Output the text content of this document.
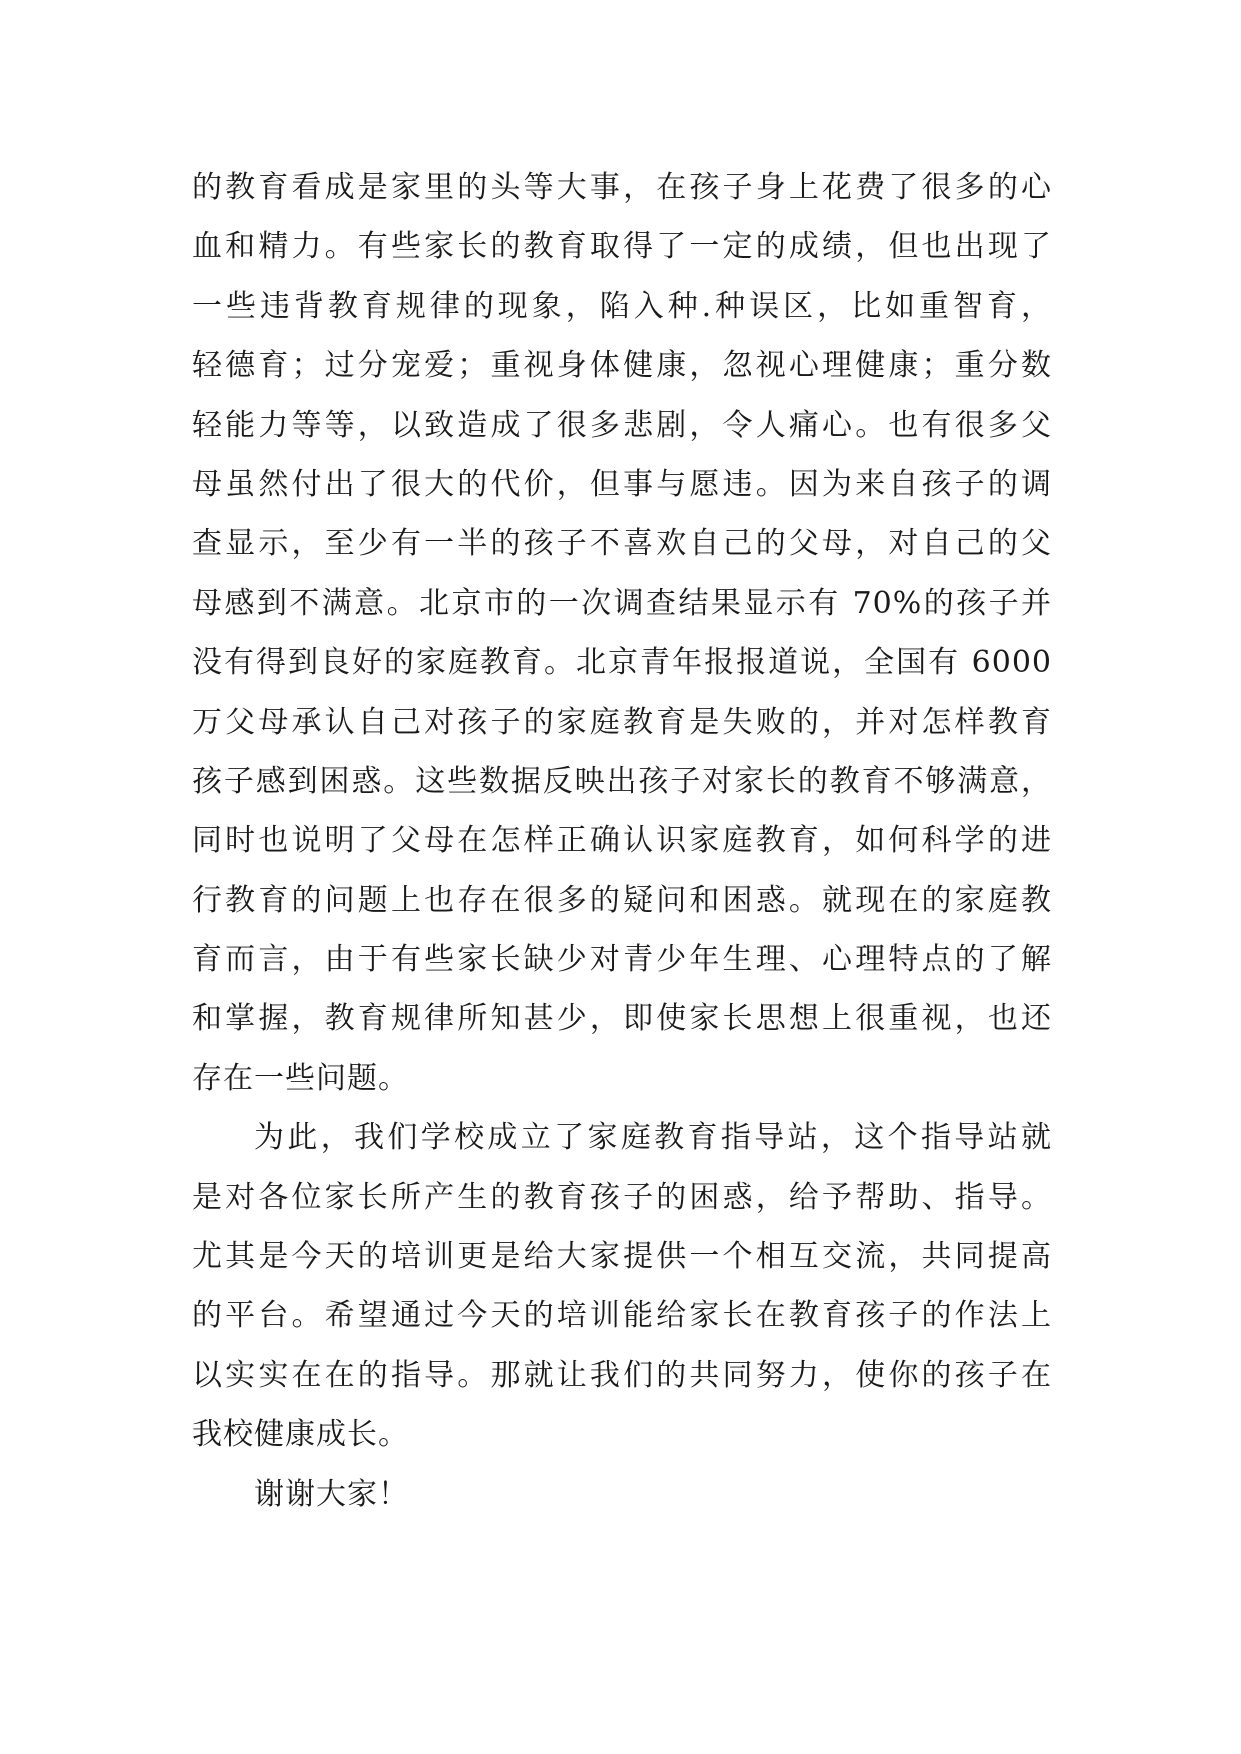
的教育看成是家里的头等大事，在孩子身上花费了很多的心
血和精力。有些家长的教育取得了一定的成绩，但也出现了
一些违背教育规律的现象，陷入种.种误区，比如重智育，
轻德育；过分宠爱；重视身体健康，忽视心理健康；重分数
轻能力等等，以致造成了很多悲剧，令人痛心。也有很多父
母虽然付出了很大的代价，但事与愿违。因为来自孩子的调
查显示，至少有一半的孩子不喜欢自己的父母，对自己的父
母感到不满意。北京市的一次调查结果显示有 70%的孩子并
没有得到良好的家庭教育。北京青年报报道说，全国有 6000
万父母承认自己对孩子的家庭教育是失败的，并对怎样教育
孩子感到困惑。这些数据反映出孩子对家长的教育不够满意，
同时也说明了父母在怎样正确认识家庭教育，如何科学的进
行教育的问题上也存在很多的疑问和困惑。就现在的家庭教
育而言，由于有些家长缺少对青少年生理、心理特点的了解
和掌握，教育规律所知甚少，即使家长思想上很重视，也还
存在一些问题。
为此，我们学校成立了家庭教育指导站，这个指导站就
是对各位家长所产生的教育孩子的困惑，给予帮助、指导。
尤其是今天的培训更是给大家提供一个相互交流，共同提高
的平台。希望通过今天的培训能给家长在教育孩子的作法上
以实实在在的指导。那就让我们的共同努力，使你的孩子在
我校健康成长。
谢谢大家！
